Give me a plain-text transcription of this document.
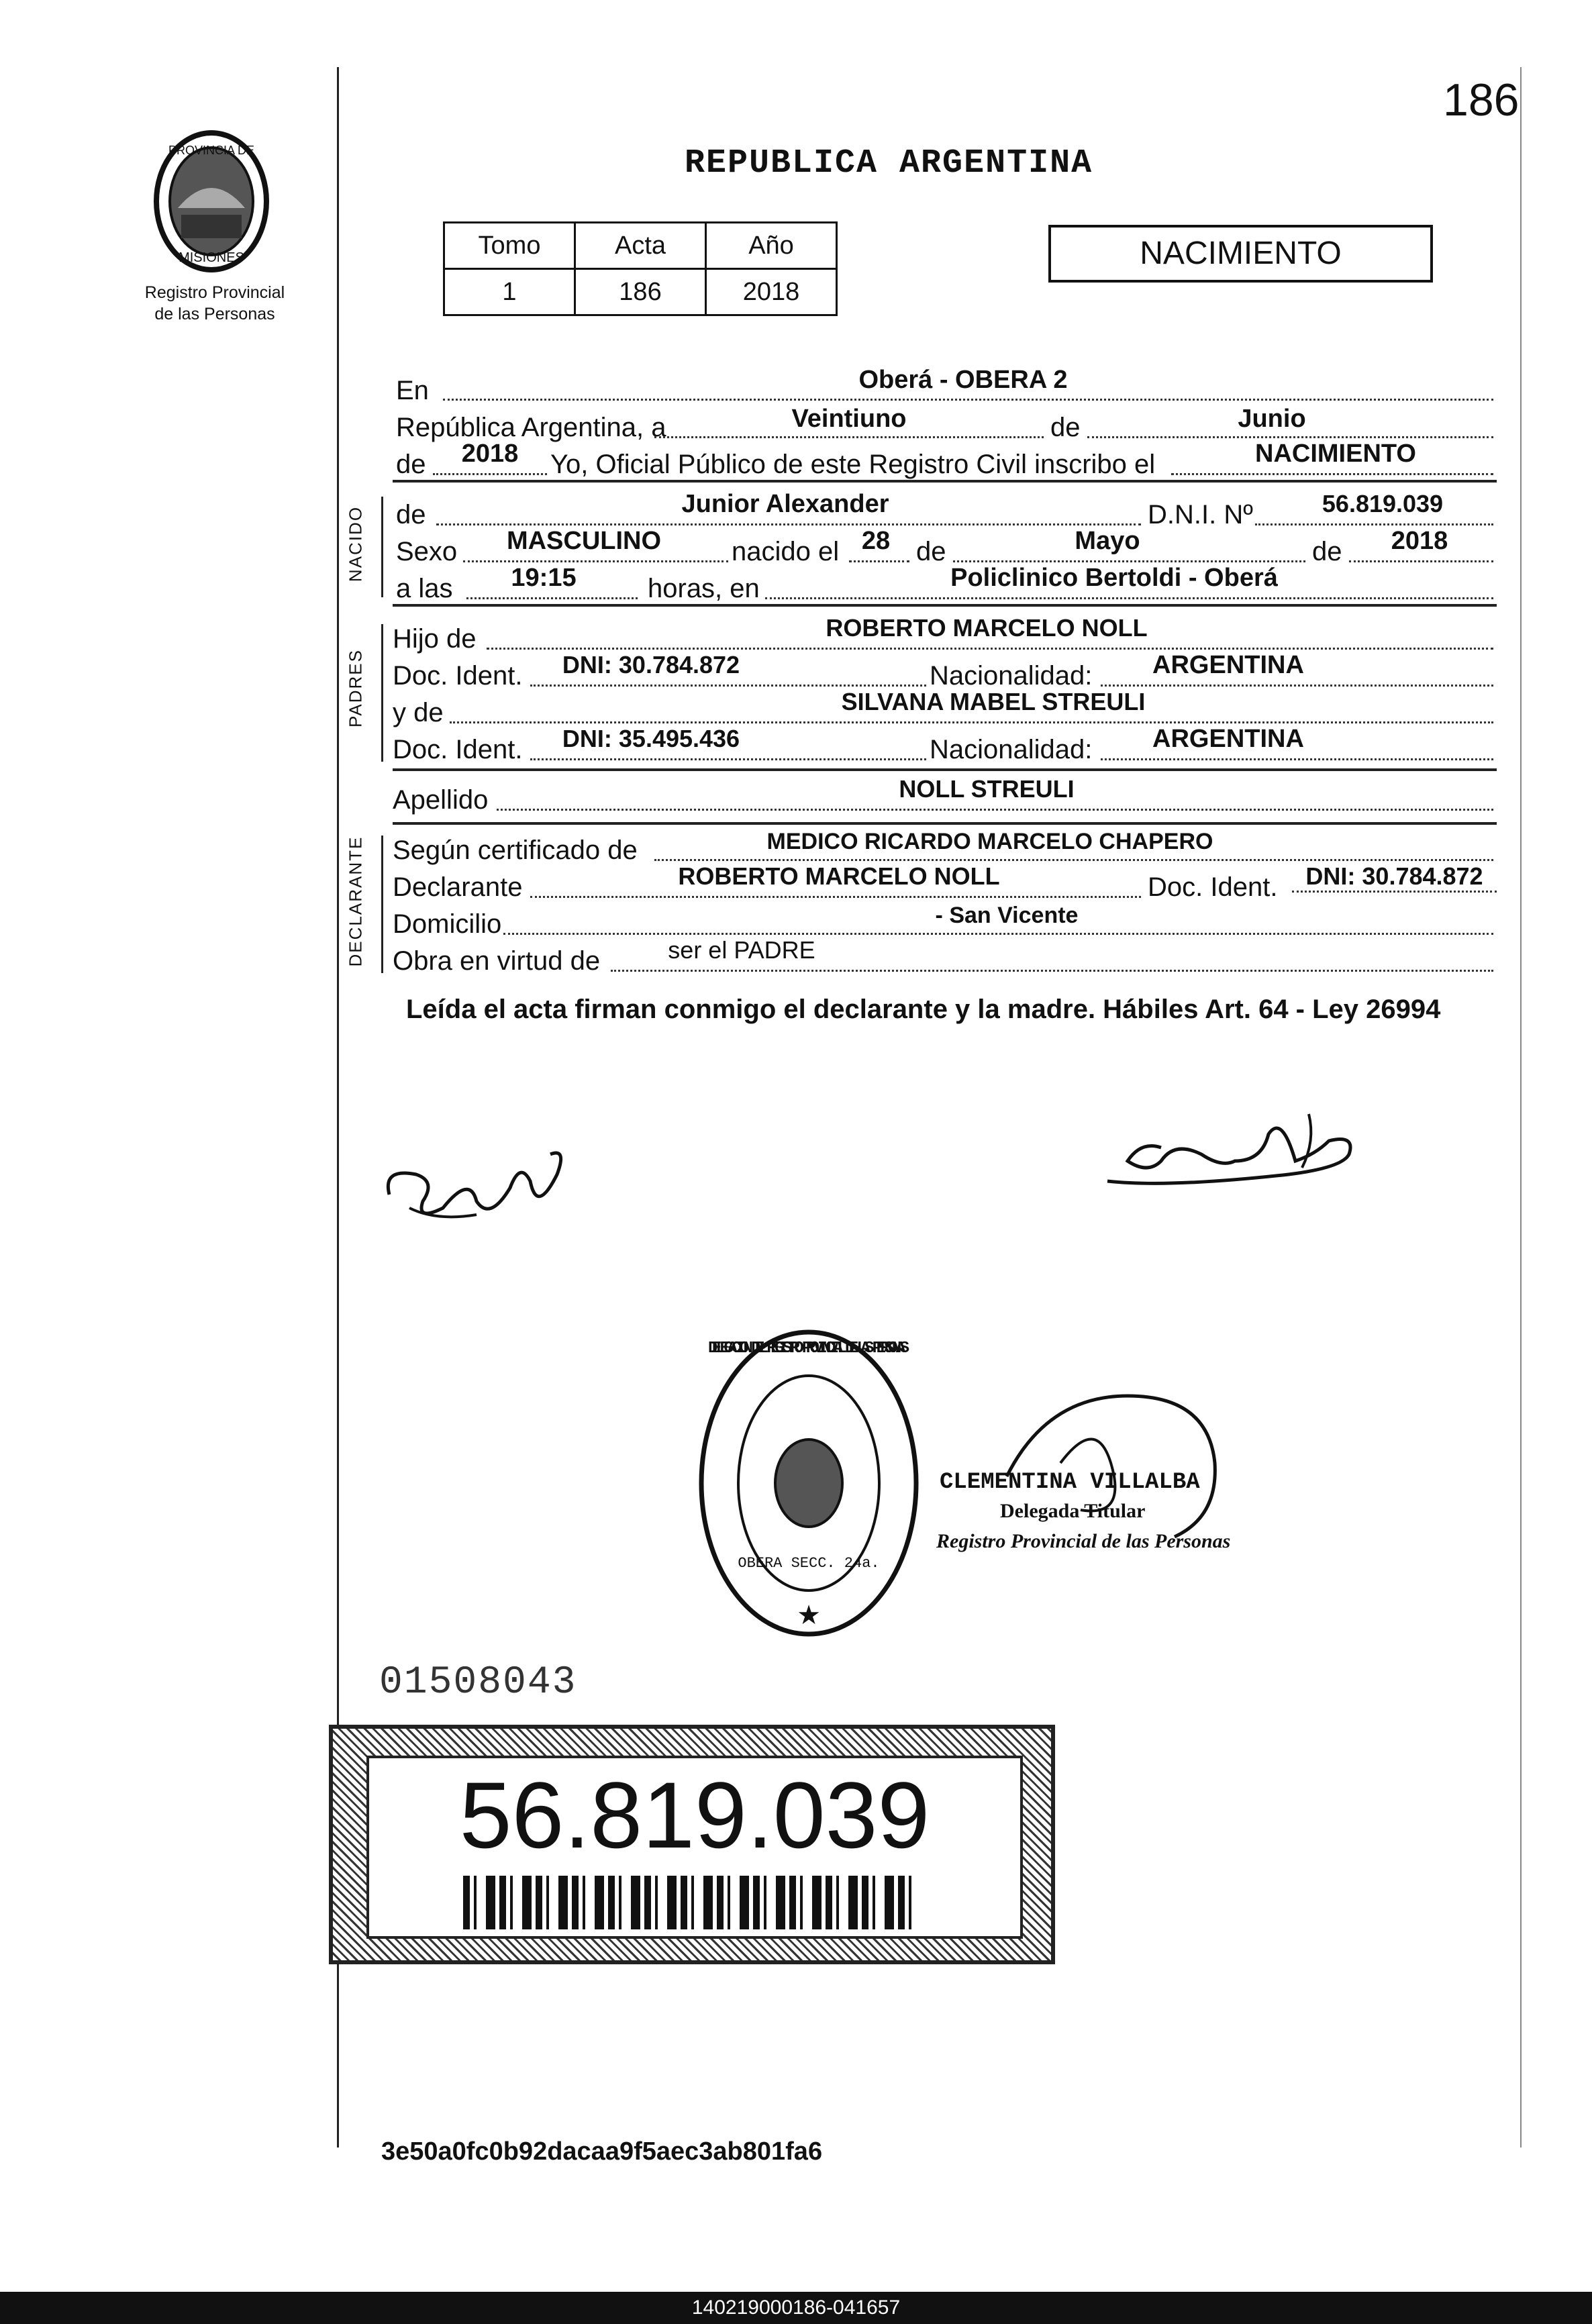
186
PROVINCIA DE
MISIONES
Registro Provincial
de las Personas
REPUBLICA ARGENTINA
Tomo	Acta	Año
1	186	2018
NACIMIENTO
En	Oberá - OBERA 2
República Argentina, a	Veintiuno	de	Junio
de	2018	Yo, Oficial Público de este Registro Civil inscribo el	NACIMIENTO
NACIDO de	Junior Alexander	D.N.I. Nº	56.819.039
Sexo	MASCULINO	nacido el 28 de	Mayo	de	2018
a las	19:15	horas, en	Policlinico Bertoldi - Oberá
PADRES
Hijo de	ROBERTO MARCELO NOLL
Doc. Ident.	DNI: 30.784.872	Nacionalidad:	ARGENTINA
y de	SILVANA MABEL STREULI
Doc. Ident.	DNI: 35.495.436	Nacionalidad:	ARGENTINA
Apellido	NOLL STREULI
DECLARANTE Según certificado de	MEDICO RICARDO MARCELO CHAPERO
Declarante	ROBERTO MARCELO NOLL	Doc. Ident.	DNI: 30.784.872
Domicilio	- San Vicente
Obra en virtud de	ser el PADRE
Leída el acta firman conmigo el declarante y la madre. Hábiles Art. 64 - Ley 26994
DELEGACION DEL REGISTRO PROVINCIAL DE LAS PERSONAS
OBERA SECC. 24a.
★
CLEMENTINA VILLALBA
Delegada Titular
Registro Provincial de las Personas
01508043
56.819.039
3e50a0fc0b92dacaa9f5aec3ab801fa6
140219000186-041657
